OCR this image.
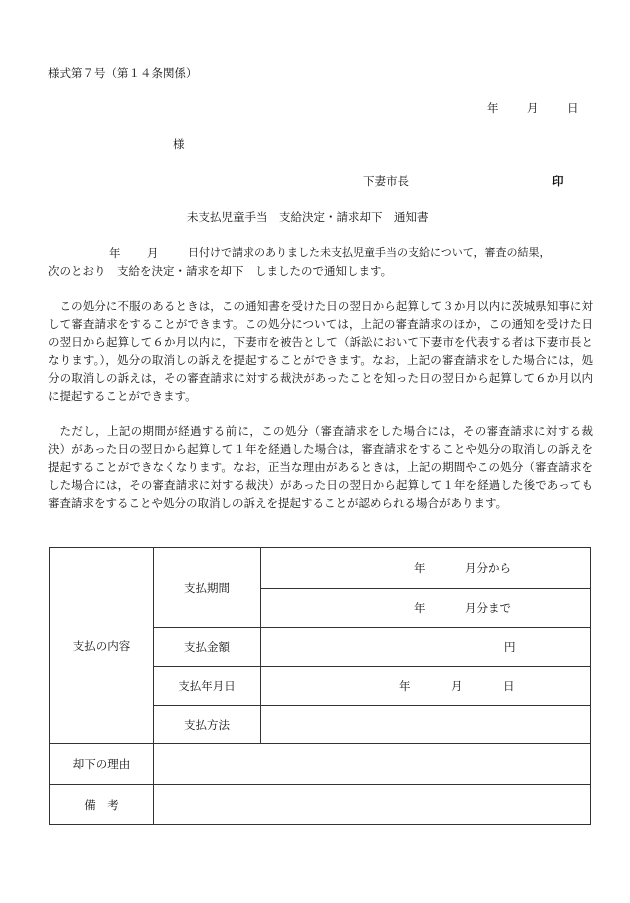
様式第７号（第１４条関係）
年 月 日
様
下妻市長	印
未支払児童手当　支給決定・請求却下　通知書
年 月	日付けで請求のありました未支払児童手当の支給について，審査の結果，
次のとおり　支給を決定・請求を却下　しましたので通知します。
この処分に不服のあるときは，この通知書を受けた日の翌日から起算して３か月以内に茨城県知事に対して審査請求をすることができます。この処分については，上記の審査請求のほか，この通知を受けた日の翌日から起算して６か月以内に，下妻市を被告として（訴訟において下妻市を代表する者は下妻市長となります。），処分の取消しの訴えを提起することができます。なお，上記の審査請求をした場合には，処分の取消しの訴えは，その審査請求に対する裁決があったことを知った日の翌日から起算して６か月以内に提起することができます。
ただし，上記の期間が経過する前に，この処分（審査請求をした場合には，その審査請求に対する裁決）があった日の翌日から起算して１年を経過した場合は，審査請求をすることや処分の取消しの訴えを提起することができなくなります。なお，正当な理由があるときは，上記の期間やこの処分（審査請求をした場合には，その審査請求に対する裁決）があった日の翌日から起算して１年を経過した後であっても審査請求をすることや処分の取消しの訴えを提起することが認められる場合があります。
支払の内容	支払期間	年 月分から

		年 月分まで

	支払金額	円

	支払年月日	年 月 日

	支払方法	

却下の理由		
備　考		
